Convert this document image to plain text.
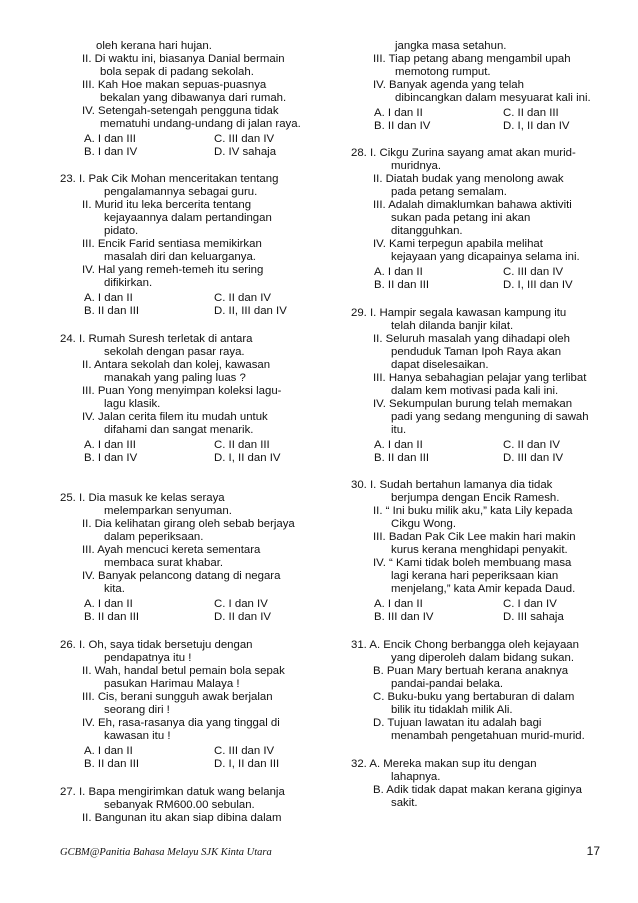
oleh kerana hari hujan.
II. Di waktu ini, biasanya Danial bermain
bola sepak di padang sekolah.
III. Kah Hoe makan sepuas-puasnya
bekalan yang dibawanya dari rumah.
IV. Setengah-setengah pengguna tidak
mematuhi undang-undang di jalan raya.
A. I dan III	C. III dan IV
B. I dan IV	D. IV sahaja
23. I. Pak Cik Mohan menceritakan tentang
pengalamannya sebagai guru.
II. Murid itu leka bercerita tentang
kejayaannya dalam pertandingan
pidato.
III. Encik Farid sentiasa memikirkan
masalah diri dan keluarganya.
IV. Hal yang remeh-temeh itu sering
difikirkan.
A. I dan II	C. II dan IV
B. II dan III	D. II, III dan IV
24. I. Rumah Suresh terletak di antara
sekolah dengan pasar raya.
II. Antara sekolah dan kolej, kawasan
manakah yang paling luas ?
III. Puan Yong menyimpan koleksi lagu-
lagu klasik.
IV. Jalan cerita filem itu mudah untuk
difahami dan sangat menarik.
A. I dan III	C. II dan III
B. I dan IV	D. I, II dan IV
25. I. Dia masuk ke kelas seraya
melemparkan senyuman.
II. Dia kelihatan girang oleh sebab berjaya
dalam peperiksaan.
III. Ayah mencuci kereta sementara
membaca surat khabar.
IV. Banyak pelancong datang di negara
kita.
A. I dan II	C. I dan IV
B. II dan III	D. II dan IV
26. I. Oh, saya tidak bersetuju dengan
pendapatnya itu !
II. Wah, handal betul pemain bola sepak
pasukan Harimau Malaya !
III. Cis, berani sungguh awak berjalan
seorang diri !
IV. Eh, rasa-rasanya dia yang tinggal di
kawasan itu !
A. I dan II	C. III dan IV
B. II dan III	D. I, II dan III
27. I. Bapa mengirimkan datuk wang belanja
sebanyak RM600.00 sebulan.
II. Bangunan itu akan siap dibina dalam
jangka masa setahun.
III. Tiap petang abang mengambil upah
memotong rumput.
IV. Banyak agenda yang telah
dibincangkan dalam mesyuarat kali ini.
A. I dan II	C. II dan III
B. II dan IV	D. I, II dan IV
28. I. Cikgu Zurina sayang amat akan murid-
muridnya.
II. Diatah budak yang menolong awak
pada petang semalam.
III. Adalah dimaklumkan bahawa aktiviti
sukan pada petang ini akan
ditangguhkan.
IV. Kami terpegun apabila melihat
kejayaan yang dicapainya selama ini.
A. I dan II	C. III dan IV
B. II dan III	D. I, III dan IV
29. I. Hampir segala kawasan kampung itu
telah dilanda banjir kilat.
II. Seluruh masalah yang dihadapi oleh
penduduk Taman Ipoh Raya akan
dapat diselesaikan.
III. Hanya sebahagian pelajar yang terlibat
dalam kem motivasi pada kali ini.
IV. Sekumpulan burung telah memakan
padi yang sedang menguning di sawah
itu.
A. I dan II	C. II dan IV
B. II dan III	D. III dan IV
30. I. Sudah bertahun lamanya dia tidak
berjumpa dengan Encik Ramesh.
II. “ Ini buku milik aku,” kata Lily kepada
Cikgu Wong.
III. Badan Pak Cik Lee makin hari makin
kurus kerana menghidapi penyakit.
IV. “ Kami tidak boleh membuang masa
lagi kerana hari peperiksaan kian
menjelang,” kata Amir kepada Daud.
A. I dan II	C. I dan IV
B. III dan IV	D. III sahaja
31. A. Encik Chong berbangga oleh kejayaan
yang diperoleh dalam bidang sukan.
B. Puan Mary bertuah kerana anaknya
pandai-pandai belaka.
C. Buku-buku yang bertaburan di dalam
bilik itu tidaklah milik Ali.
D. Tujuan lawatan itu adalah bagi
menambah pengetahuan murid-murid.
32. A. Mereka makan sup itu dengan
lahapnya.
B. Adik tidak dapat makan kerana giginya
sakit.
GCBM@Panitia Bahasa Melayu SJK Kinta Utara	17
